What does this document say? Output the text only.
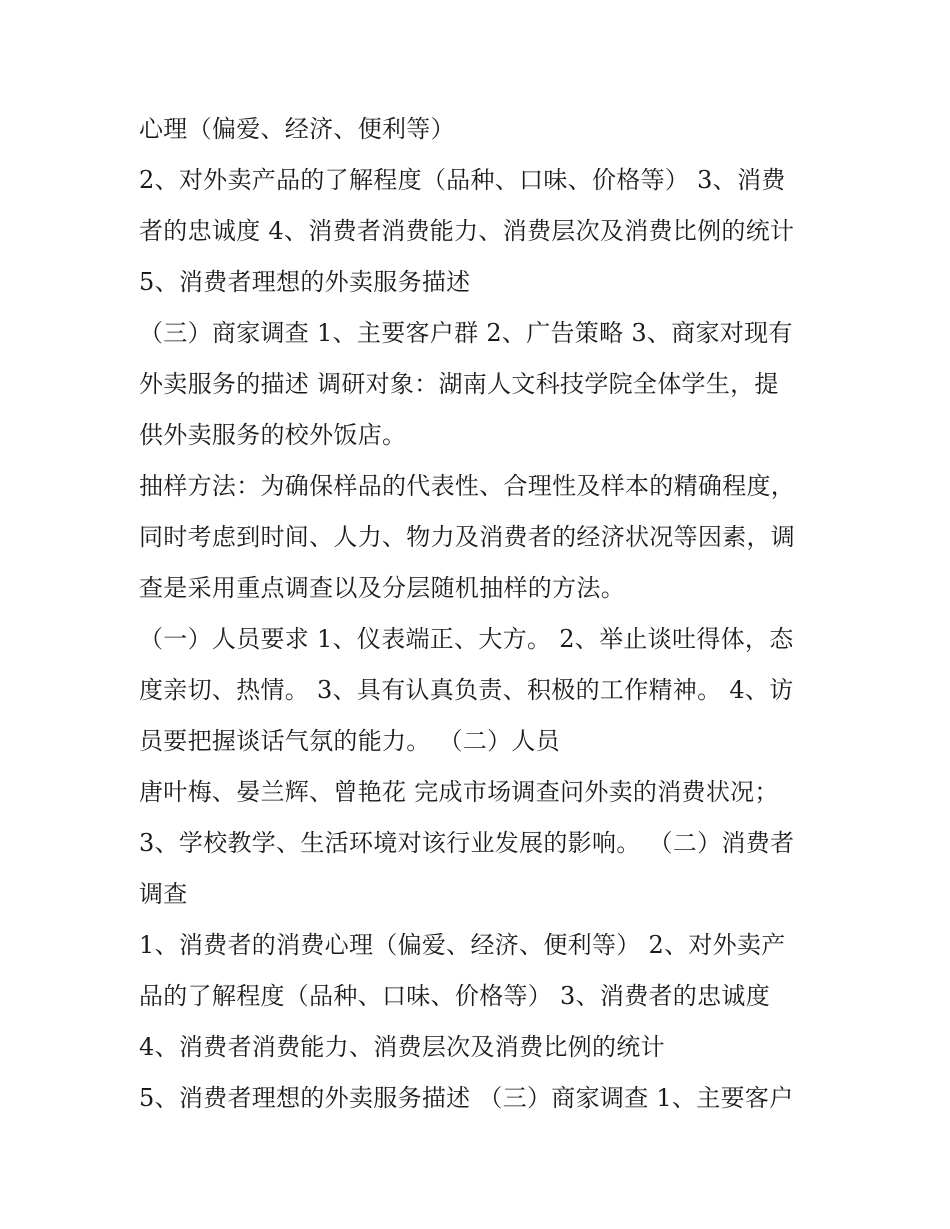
心理（偏爱、经济、便利等）
2、对外卖产品的了解程度（品种、口味、价格等） 3、消费
者的忠诚度 4、消费者消费能力、消费层次及消费比例的统计
5、消费者理想的外卖服务描述
（三）商家调查 1、主要客户群 2、广告策略 3、商家对现有
外卖服务的描述 调研对象：湖南人文科技学院全体学生，提
供外卖服务的校外饭店。
抽样方法：为确保样品的代表性、合理性及样本的精确程度，
同时考虑到时间、人力、物力及消费者的经济状况等因素，调
查是采用重点调查以及分层随机抽样的方法。
（一）人员要求 1、仪表端正、大方。 2、举止谈吐得体，态
度亲切、热情。 3、具有认真负责、积极的工作精神。 4、访
员要把握谈话气氛的能力。 （二）人员
唐叶梅、晏兰辉、曾艳花 完成市场调查问外卖的消费状况；
3、学校教学、生活环境对该行业发展的影响。 （二）消费者
调查
1、消费者的消费心理（偏爱、经济、便利等） 2、对外卖产
品的了解程度（品种、口味、价格等） 3、消费者的忠诚度
4、消费者消费能力、消费层次及消费比例的统计
5、消费者理想的外卖服务描述 （三）商家调查 1、主要客户
